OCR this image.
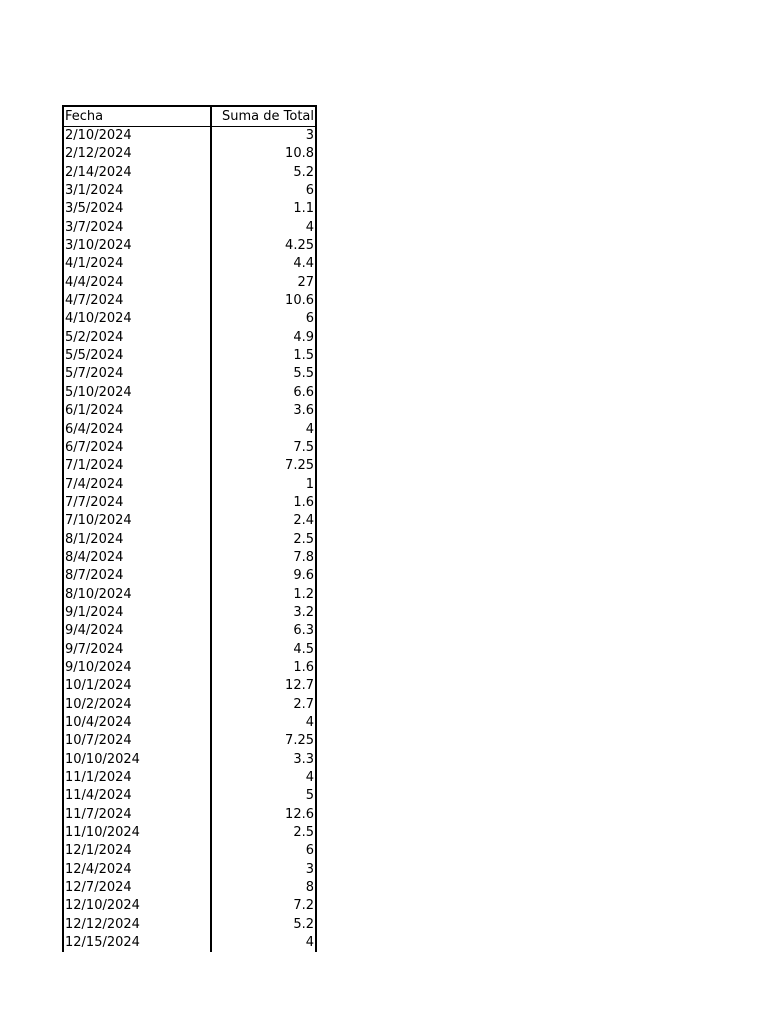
Fecha	Suma de Total
2/10/2024	3
2/12/2024	10.8
2/14/2024	5.2
3/1/2024	6
3/5/2024	1.1
3/7/2024	4
3/10/2024	4.25
4/1/2024	4.4
4/4/2024	27
4/7/2024	10.6
4/10/2024	6
5/2/2024	4.9
5/5/2024	1.5
5/7/2024	5.5
5/10/2024	6.6
6/1/2024	3.6
6/4/2024	4
6/7/2024	7.5
7/1/2024	7.25
7/4/2024	1
7/7/2024	1.6
7/10/2024	2.4
8/1/2024	2.5
8/4/2024	7.8
8/7/2024	9.6
8/10/2024	1.2
9/1/2024	3.2
9/4/2024	6.3
9/7/2024	4.5
9/10/2024	1.6
10/1/2024	12.7
10/2/2024	2.7
10/4/2024	4
10/7/2024	7.25
10/10/2024	3.3
11/1/2024	4
11/4/2024	5
11/7/2024	12.6
11/10/2024	2.5
12/1/2024	6
12/4/2024	3
12/7/2024	8
12/10/2024	7.2
12/12/2024	5.2
12/15/2024	4
